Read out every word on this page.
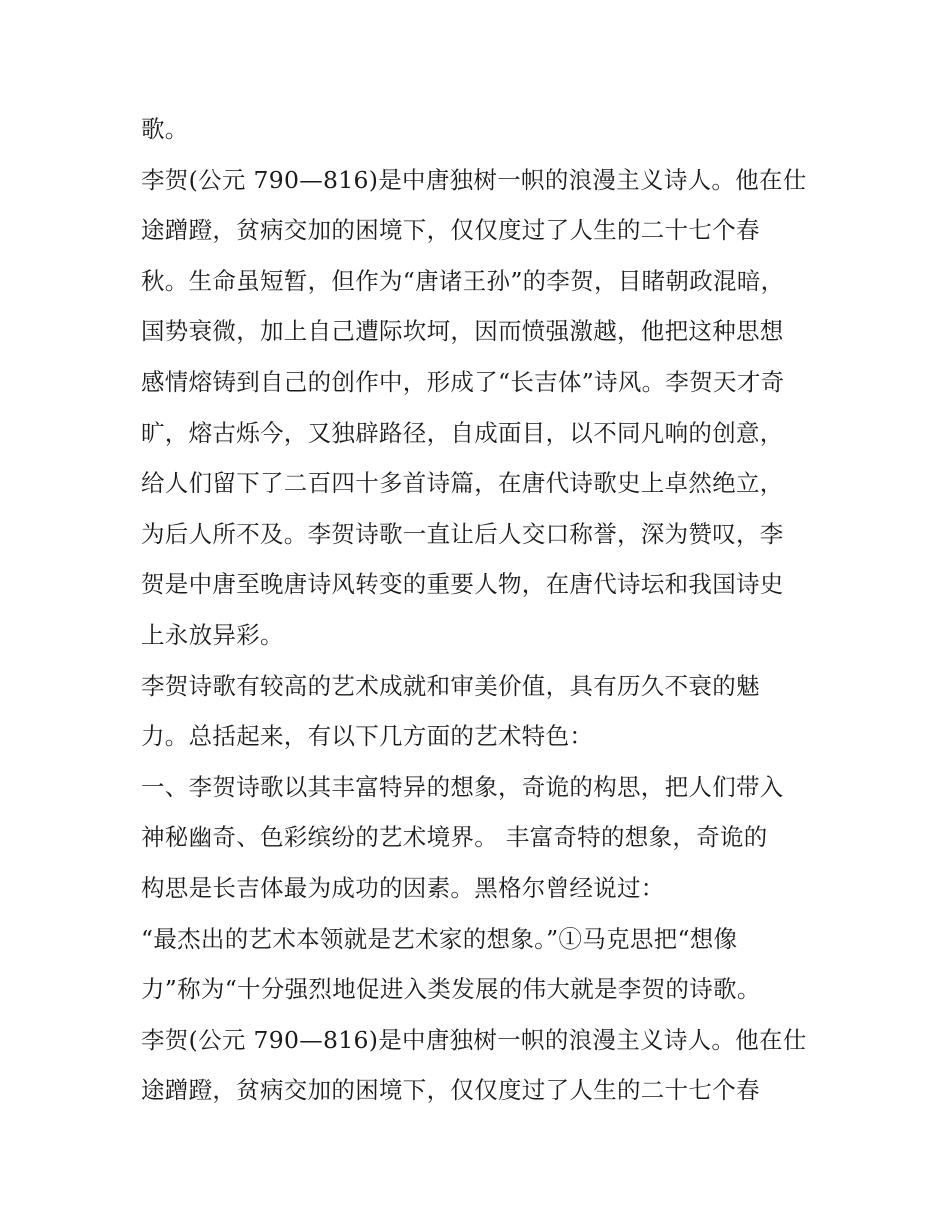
歌。
李贺(公元 790—816)是中唐独树一帜的浪漫主义诗人。他在仕
途蹭蹬，贫病交加的困境下，仅仅度过了人生的二十七个春
秋。生命虽短暂，但作为“唐诸王孙”的李贺，目睹朝政混暗，
国势衰微，加上自己遭际坎坷，因而愤强激越，他把这种思想
感情熔铸到自己的创作中，形成了“长吉体”诗风。李贺天才奇
旷，熔古烁今，又独辟路径，自成面目，以不同凡响的创意，
给人们留下了二百四十多首诗篇，在唐代诗歌史上卓然绝立，
为后人所不及。李贺诗歌一直让后人交口称誉，深为赞叹，李
贺是中唐至晚唐诗风转变的重要人物，在唐代诗坛和我国诗史
上永放异彩。
李贺诗歌有较高的艺术成就和审美价值，具有历久不衰的魅
力。总括起来，有以下几方面的艺术特色：
一、李贺诗歌以其丰富特异的想象，奇诡的构思，把人们带入
神秘幽奇、色彩缤纷的艺术境界。 丰富奇特的想象，奇诡的
构思是长吉体最为成功的因素。黑格尔曾经说过：
“最杰出的艺术本领就是艺术家的想象。”①马克思把“想像
力”称为“十分强烈地促进入类发展的伟大就是李贺的诗歌。
李贺(公元 790—816)是中唐独树一帜的浪漫主义诗人。他在仕
途蹭蹬，贫病交加的困境下，仅仅度过了人生的二十七个春
